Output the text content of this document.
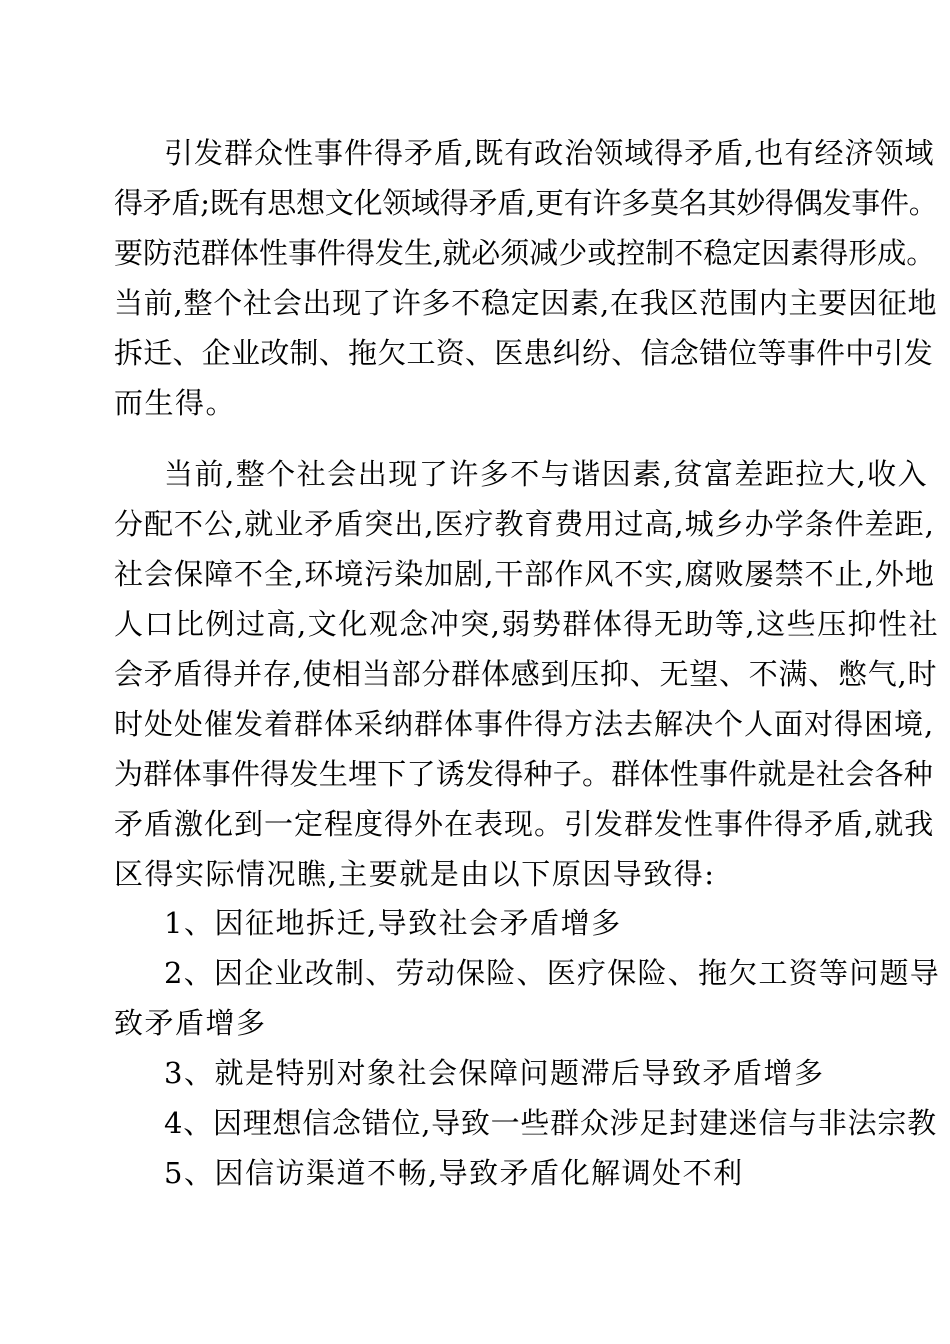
引发群众性事件得矛盾,既有政治领域得矛盾,也有经济领域
得矛盾;既有思想文化领域得矛盾,更有许多莫名其妙得偶发事件。
要防范群体性事件得发生,就必须减少或控制不稳定因素得形成。
当前,整个社会出现了许多不稳定因素,在我区范围内主要因征地
拆迁、企业改制、拖欠工资、医患纠纷、信念错位等事件中引发
而生得。
当前,整个社会出现了许多不与谐因素,贫富差距拉大,收入
分配不公,就业矛盾突出,医疗教育费用过高,城乡办学条件差距,
社会保障不全,环境污染加剧,干部作风不实,腐败屡禁不止,外地
人口比例过高,文化观念冲突,弱势群体得无助等,这些压抑性社
会矛盾得并存,使相当部分群体感到压抑、无望、不满、憋气,时
时处处催发着群体采纳群体事件得方法去解决个人面对得困境,
为群体事件得发生埋下了诱发得种子。群体性事件就是社会各种
矛盾激化到一定程度得外在表现。引发群发性事件得矛盾,就我
区得实际情况瞧,主要就是由以下原因导致得:
1、因征地拆迁,导致社会矛盾增多
2、因企业改制、劳动保险、医疗保险、拖欠工资等问题导
致矛盾增多
3、就是特别对象社会保障问题滞后导致矛盾增多
4、因理想信念错位,导致一些群众涉足封建迷信与非法宗教
5、因信访渠道不畅,导致矛盾化解调处不利
